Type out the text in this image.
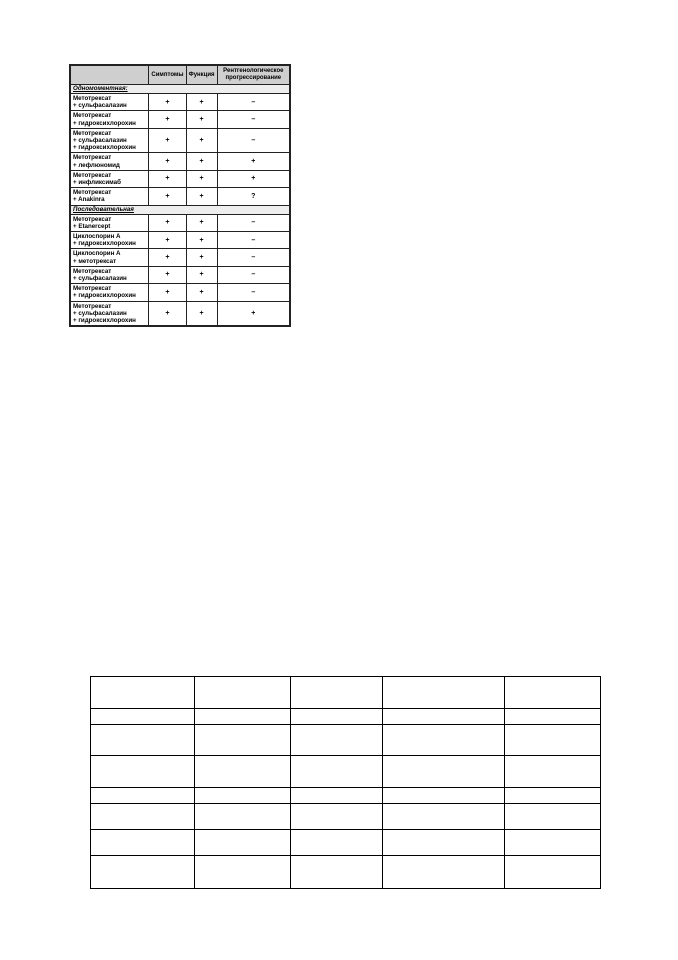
	Симптомы	Функция	Рентгенологическое прогрессирование
Одномоментная:			

Метотрексат
+ сульфасалазин	+	+	–

Метотрексат
+ гидроксихлорохин	+	+	–

Метотрексат
+ сульфасалазин
+ гидроксихлорохин	+	+	–

Метотрексат
+ лефлюномид	+	+	+

Метотрексат
+ инфликсимаб	+	+	+

Метотрексат
+ Anakinra	+	+	?
Последовательная			

Метотрексат
+ Etanercept	+	+	–

Циклоспорин А
+ гидроксихлорохин	+	+	–

Циклоспорин А
+ метотрексат	+	+	–

Метотрексат
+ сульфасалазин	+	+	–

Метотрексат
+ гидроксихлорохин	+	+	–

Метотрексат
+ сульфасалазин
+ гидроксихлорохин	+	+	+
